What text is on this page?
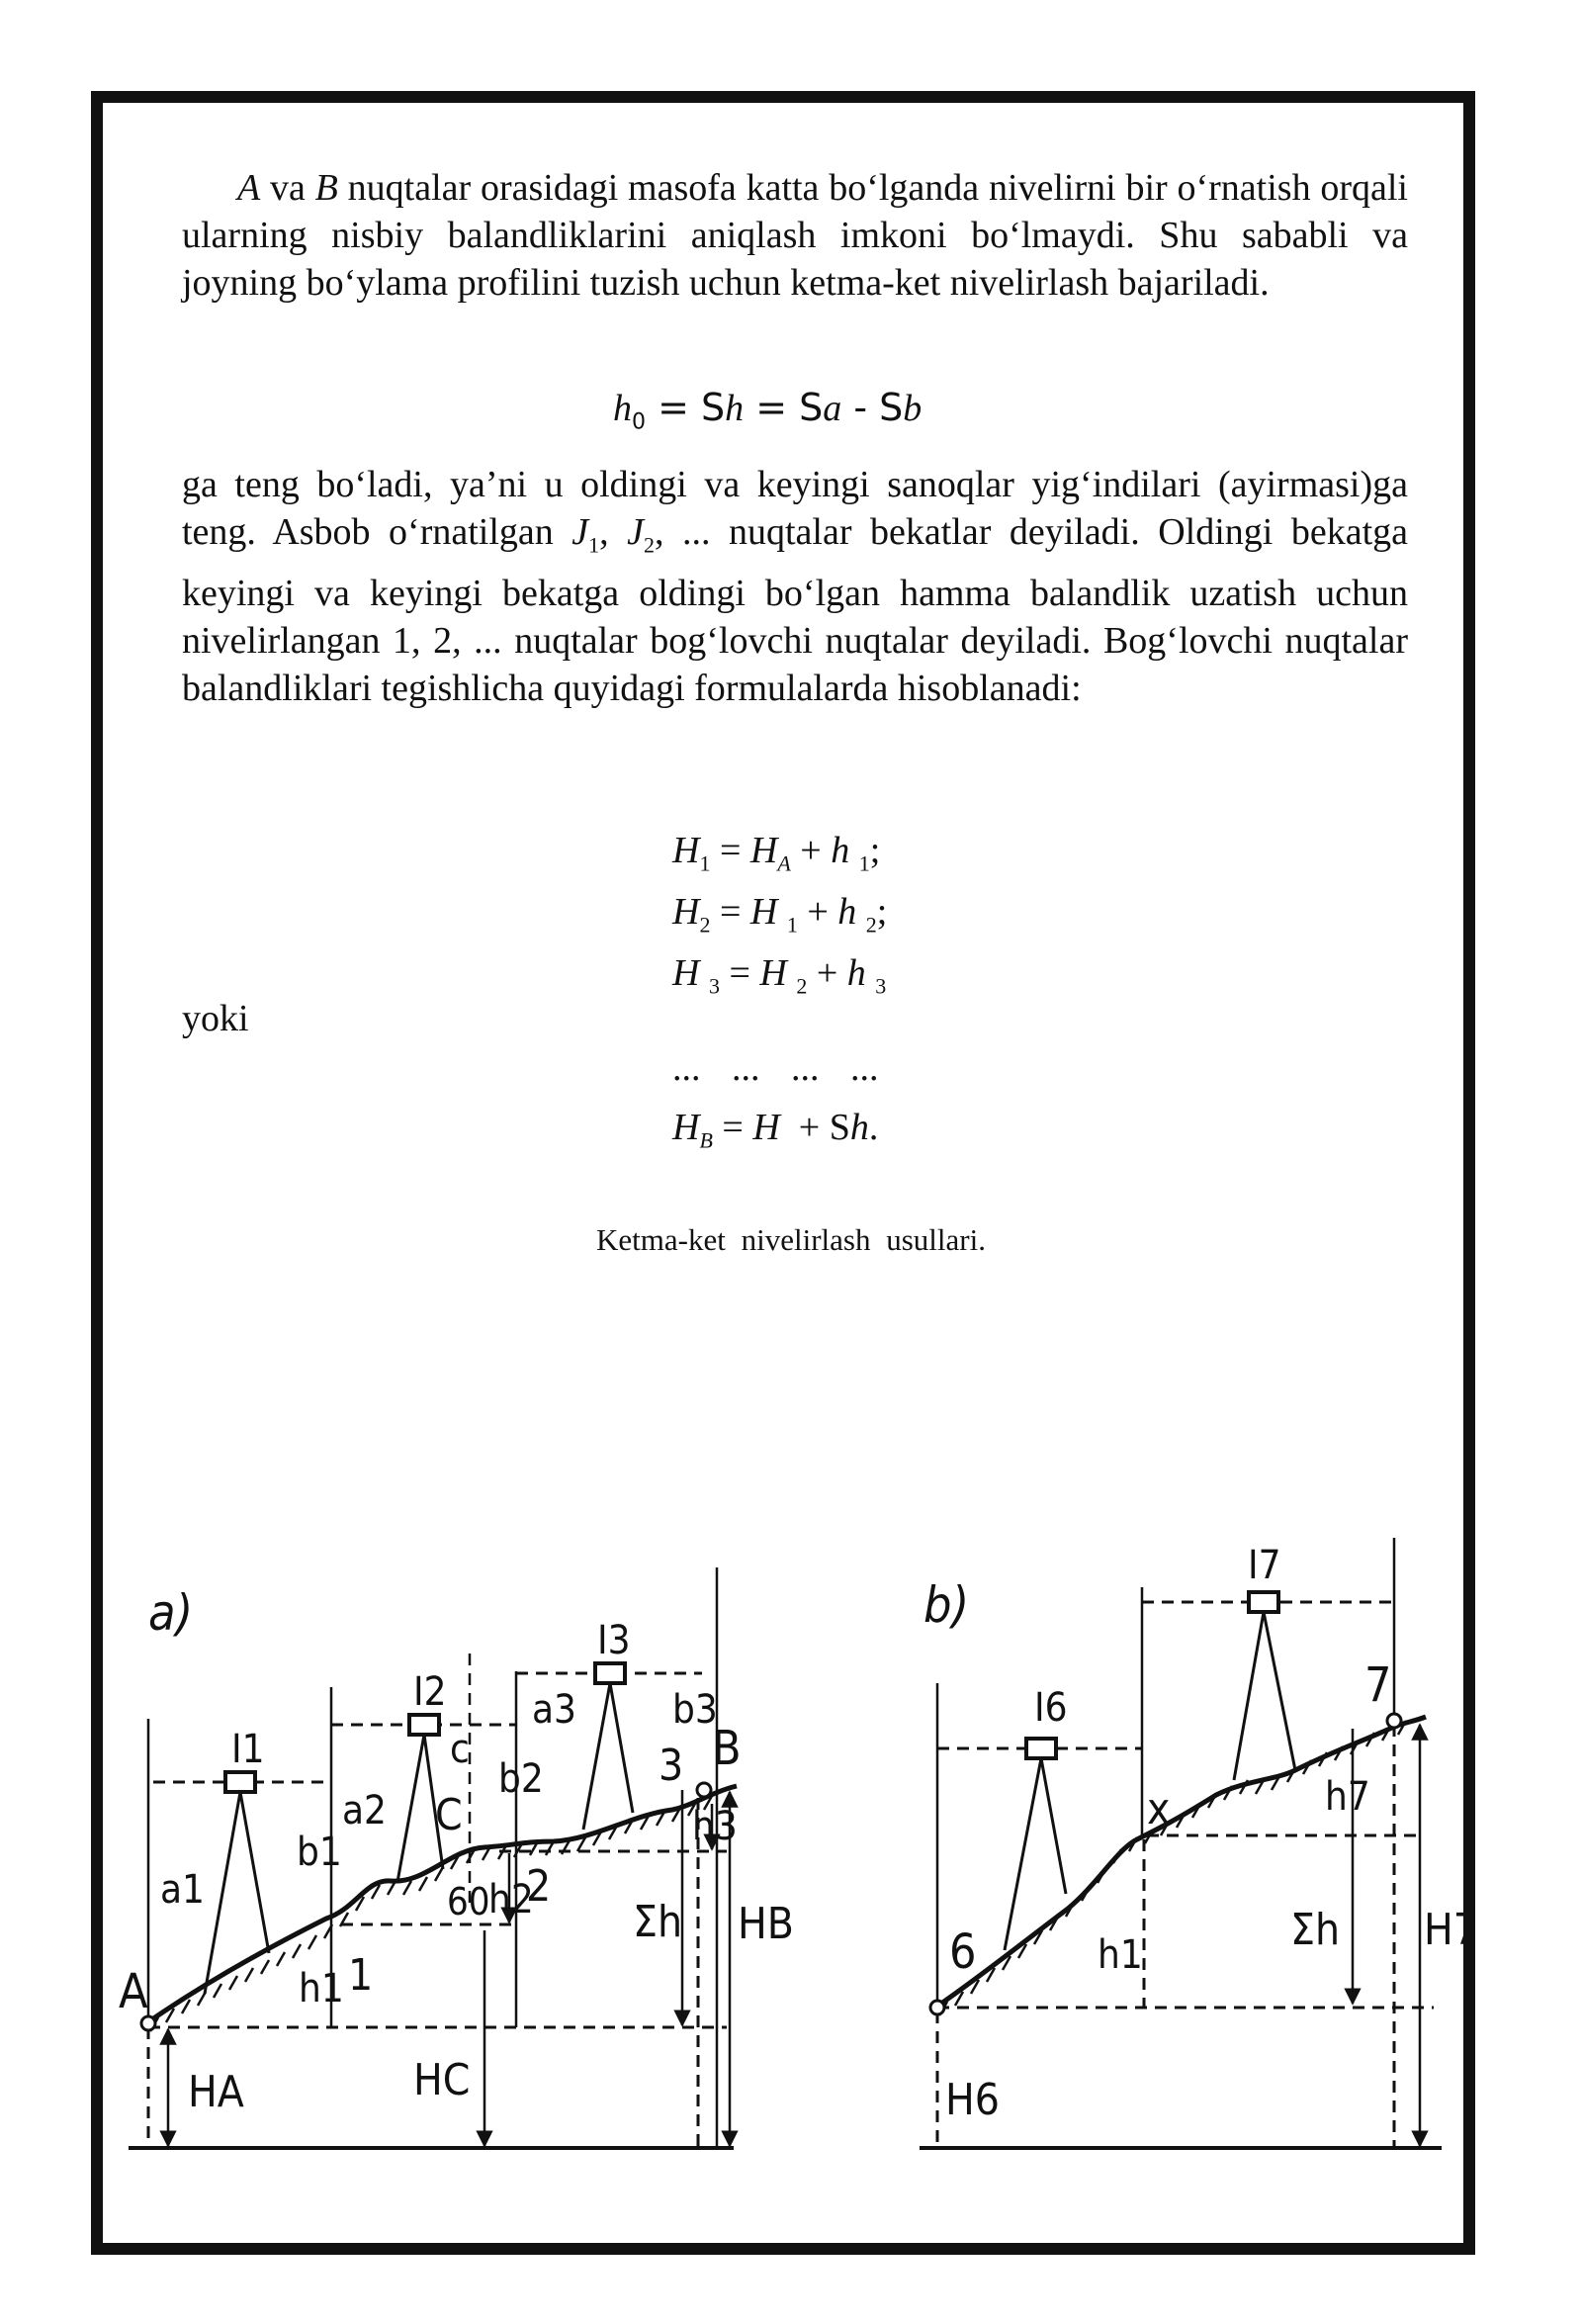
A va B nuqtalar orasidagi masofa katta bo‘lganda nivelirni bir o‘rnatish orqali ularning nisbiy balandliklarini aniqlash imkoni bo‘lmaydi. Shu sababli va joyning bo‘ylama profilini tuzish uchun ketma-ket nivelirlash bajariladi.
$h_0 = Sh = Sa - Sb$
ga teng bo‘ladi, ya’ni u oldingi va keyingi sanoqlar yig‘indilari (ayirmasi)ga teng. Asbob o‘rnatilgan $J_1$, $J_2$, ... nuqtalar bekatlar deyiladi. Oldingi bekatga keyingi va keyingi bekatga oldingi bo‘lgan hamma balandlik uzatish uchun nivelirlangan 1, 2, ... nuqtalar bog‘lovchi nuqtalar deyiladi. Bog‘lovchi nuqtalar balandliklari tegishlicha quyidagi formulalarda hisoblanadi:
$H_1 = H_A + h$ $_1$;
$H_2 = H$ $_1$ + h $_2$;
H $_3$ = H $_2$ + h $_3$
yoki
... ... ... ...
$H_B = H + Sh$.
Ketma-ket nivelirlash usullari.
a)
A	1
C
2
3 B
I1
I2
I3
a1
b1
a2
c
b2
a3 b3
h1
h2
h3
Σh
HA	HC
HB
60
b)
6
x
7
I6
I7
h1
h7
Σh
H6
H7
